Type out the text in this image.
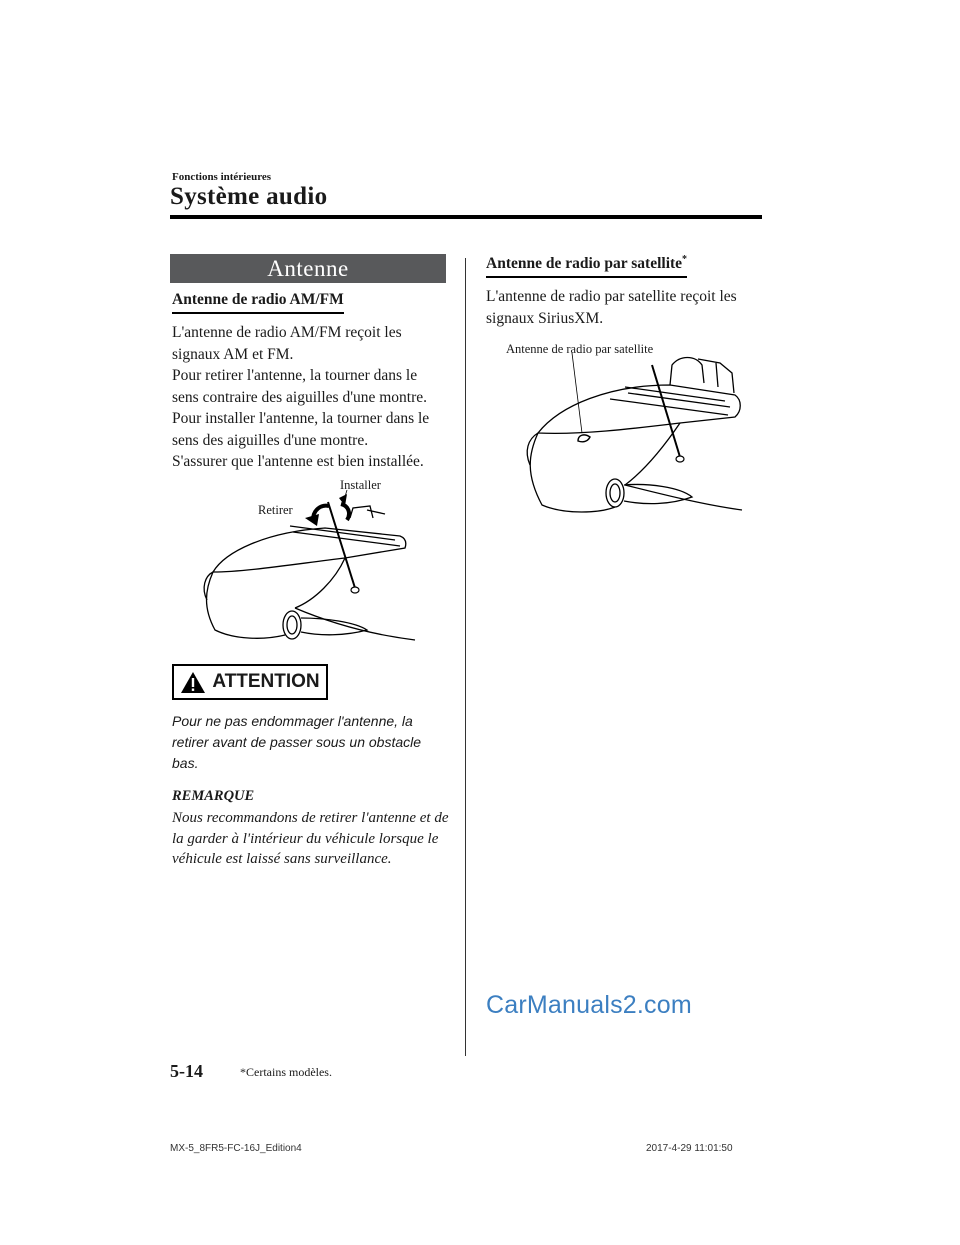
Fonctions intérieures
Système audio
Antenne
Antenne de radio AM/FM

L'antenne de radio AM/FM reçoit les signaux AM et FM.

Pour retirer l'antenne, la tourner dans le sens contraire des aiguilles d'une montre.

Pour installer l'antenne, la tourner dans le sens des aiguilles d'une montre.

S'assurer que l'antenne est bien installée.

Installer
Retirer
ATTENTION
Pour ne pas endommager l'antenne, la retirer avant de passer sous un obstacle bas.
REMARQUE
Nous recommandons de retirer l'antenne et de la garder à l'intérieur du véhicule lorsque le véhicule est laissé sans surveillance.
Antenne de radio par satellite*
L'antenne de radio par satellite reçoit les signaux SiriusXM.
Antenne de radio par satellite
CarManuals2.com
5-14	*Certains modèles.
MX-5_8FR5-FC-16J_Edition4	2017-4-29 11:01:50
